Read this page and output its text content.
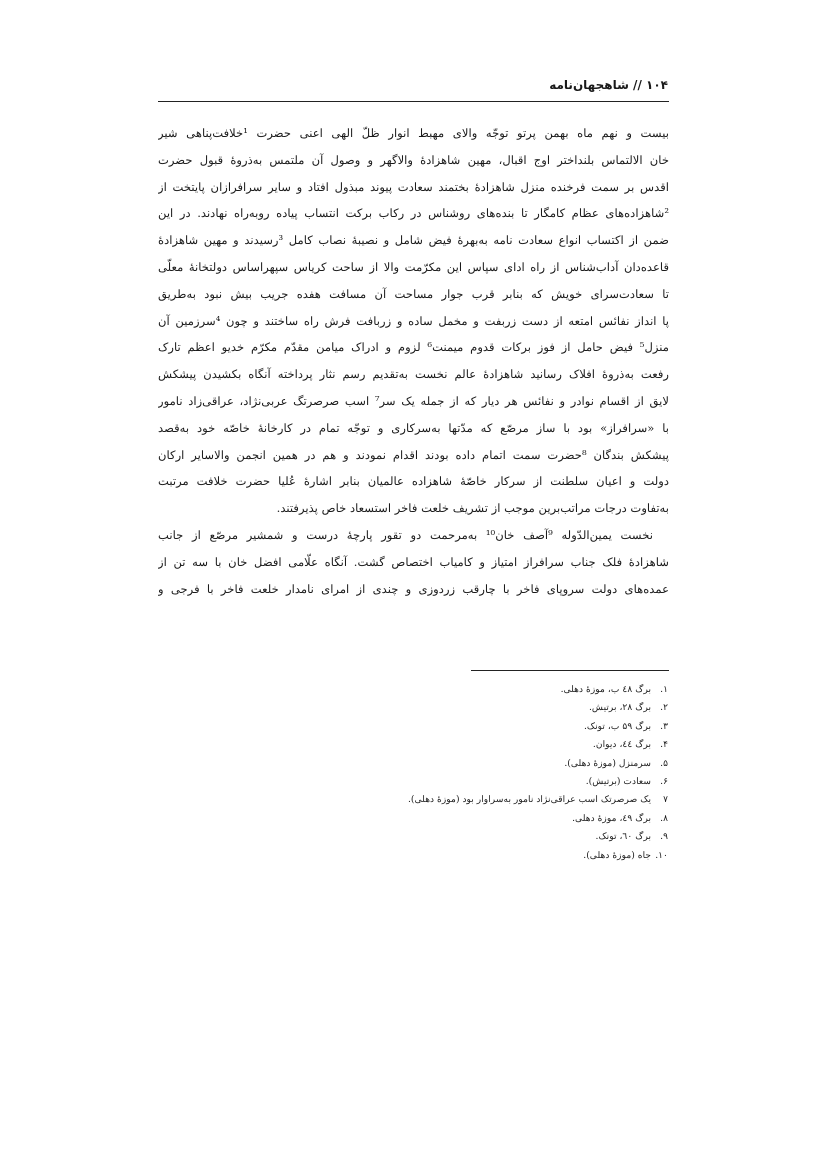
۱۰۴ // شاهجهان‌نامه
بیست و نهم ماه بهمن پرتو توجّه والای مهبط انوار ظلّ الهی اعنی حضرت ¹خلافت‌پناهی شیر
خان الالتماس بلنداختر اوج اقبال، مهین شاهزادهٔ والاگهر و وصول آن ملتمس به‌ذروهٔ قبول حضرت
اقدس بر سمت فرخنده منزل شاهزادهٔ بختمند سعادت پیوند مبذول افتاد و سایر سرافرازان پایتخت از
²شاهزاده‌های عظام کامگار تا بنده‌های روشناس در رکاب برکت انتساب پیاده روبه‌راه نهادند. در این
ضمن از اکتساب انواع سعادت نامه به‌بهرهٔ فیض شامل و نصیبهٔ نصاب کامل ³رسیدند و مهین شاهزادهٔ
قاعده‌دان آداب‌شناس از راه ادای سپاس این مکرّمت والا از ساحت کریاس سپهراساس دولتخانهٔ معلّی
تا سعادت‌سرای خویش که بنابر قرب جوار مساحت آن مسافت هفده جریب بیش نبود به‌طریق
پا انداز نفائس امتعه از دست زربفت و مخمل ساده و زربافت فرش راه ساختند و چون ⁴سرزمین آن
منزل⁵ فیض حامل از فوز برکات قدوم میمنت⁶ لزوم و ادراک میامن مقدّم مکرّم خدیو اعظم تارک
رفعت به‌ذروهٔ افلاک رسانید شاهزادهٔ عالم نخست به‌تقدیم رسم نثار پرداخته آنگاه بکشیدن پیشکش
لایق از اقسام نوادر و نفائس هر دیار که از جمله یک سر⁷ اسب صرصرتگ عربی‌نژاد، عراقی‌زاد نامور
با «سرافراز» بود با ساز مرصّع که مدّتها به‌سرکاری و توجّه تمام در کارخانهٔ خاصّه خود به‌قصد
پیشکش بندگان ⁸حضرت سمت اتمام داده بودند اقدام نمودند و هم در همین انجمن والاسایر ارکان
دولت و اعیان سلطنت از سرکار خاصّهٔ شاهزاده عالمیان بنابر اشارهٔ عُلیا حضرت خلافت مرتبت
به‌تفاوت درجات مراتب‌برین موجب از تشریف خلعت فاخر استسعاد خاص پذیرفتند.
نخست یمین‌الدّوله ⁹آصف خان¹⁰ به‌مرحمت دو تقور پارچهٔ درست و شمشیر مرصّع از جانب
شاهزادهٔ فلک جناب سرافراز امتیاز و کامیاب اختصاص گشت. آنگاه علّامی افضل خان با سه تن از
عمده‌های دولت سروپای فاخر با چارقب زردوزی و چندی از امرای نامدار خلعت فاخر با فرجی و
۱. برگ ٤٨ ب، موزهٔ دهلی.
۲. برگ ۲۸، برتیش.
۳. برگ ۵۹ ب، تونک.
۴. برگ ٤٤، دیوان.
۵. سرمنزل (موزهٔ دهلی).
۶. سعادت (برتیش).
۷ یک صرصرتک اسب عراقی‌نژاد نامور به‌سراوار بود (موزهٔ دهلی).
۸. برگ ٤٩، موزهٔ دهلی.
۹. برگ ٦٠، تونک.
۱۰. جاه (موزهٔ دهلی).
